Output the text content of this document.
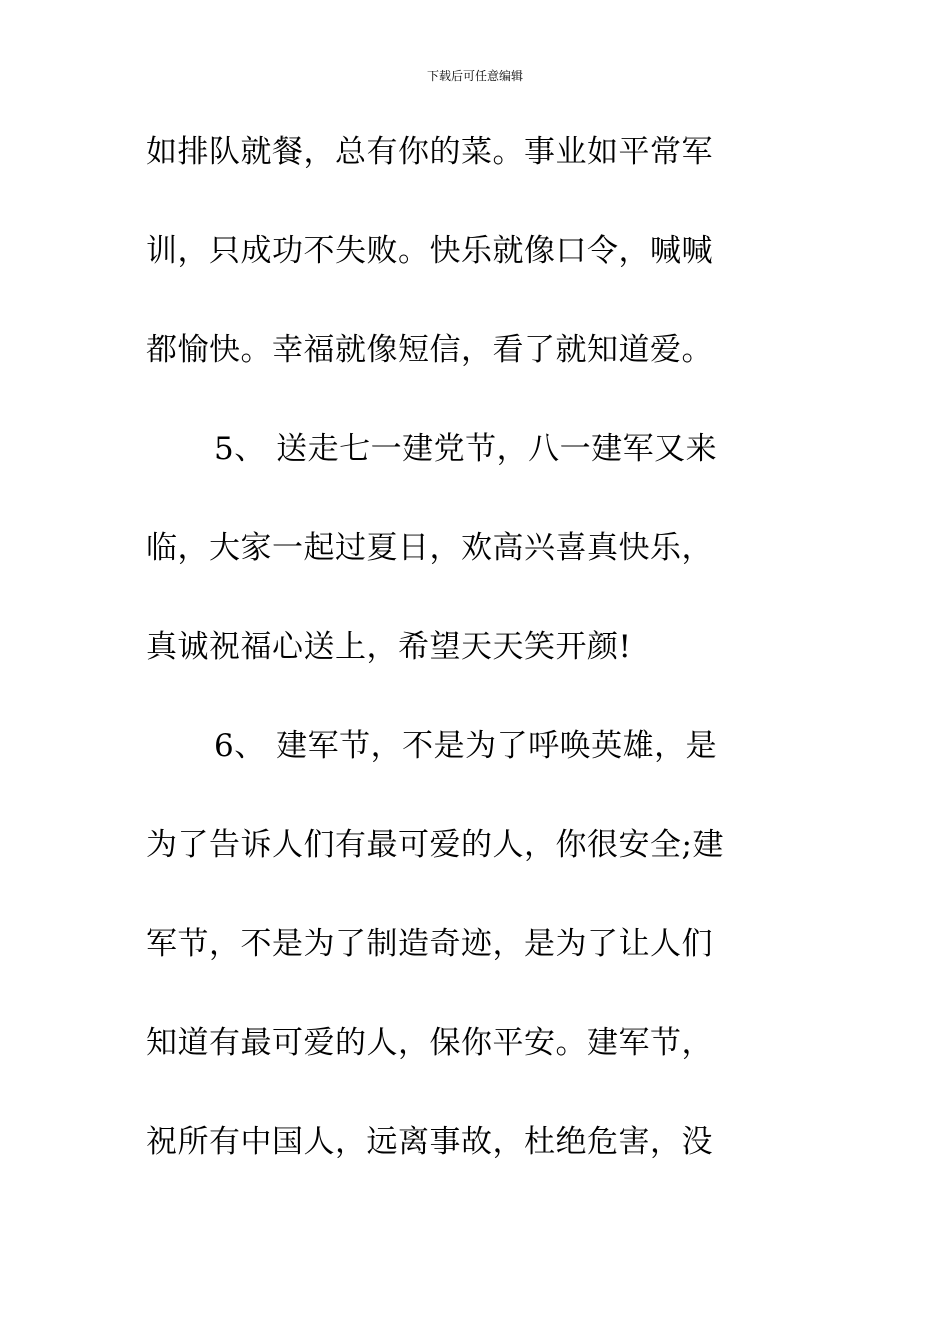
下载后可任意编辑
如排队就餐，总有你的菜。事业如平常军
训，只成功不失败。快乐就像口令，喊喊
都愉快。幸福就像短信，看了就知道爱。
5、 送走七一建党节，八一建军又来
临，大家一起过夏日，欢高兴喜真快乐，
真诚祝福心送上，希望天天笑开颜!
6、 建军节，不是为了呼唤英雄，是
为了告诉人们有最可爱的人，你很安全;建
军节，不是为了制造奇迹，是为了让人们
知道有最可爱的人，保你平安。建军节，
祝所有中国人，远离事故，杜绝危害，没
